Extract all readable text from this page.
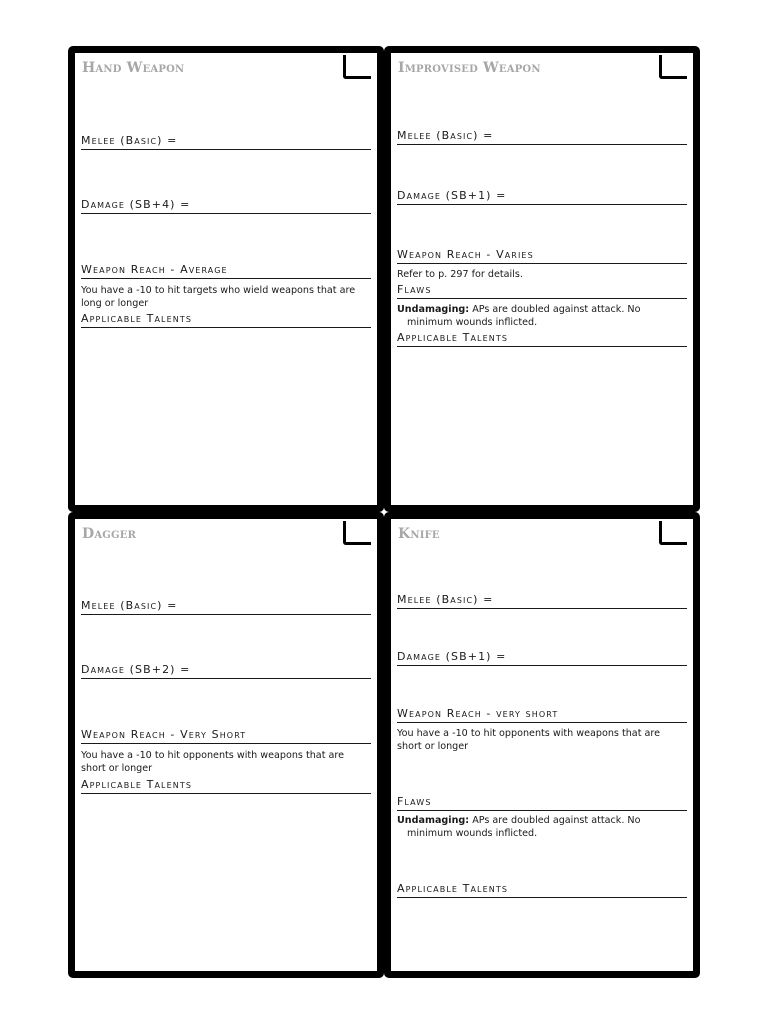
Hand Weapon
Melee (Basic) =
Damage (SB+4) =
Weapon Reach - Average
You have a -10 to hit targets who wield weapons that are long or longer
Applicable Talents
Improvised Weapon
Melee (Basic) =
Damage (SB+1) =
Weapon Reach - Varies
Refer to p. 297 for details.
Flaws
Undamaging: APs are doubled against attack. No minimum wounds inflicted.
Applicable Talents
Dagger
Melee (Basic) =
Damage (SB+2) =
Weapon Reach - Very Short
You have a -10 to hit opponents with weapons that are short or longer
Applicable Talents
Knife
Melee (Basic) =
Damage (SB+1) =
Weapon Reach - very short
You have a -10 to hit opponents with weapons that are short or longer
Flaws
Undamaging: APs are doubled against attack. No minimum wounds inflicted.
Applicable Talents
